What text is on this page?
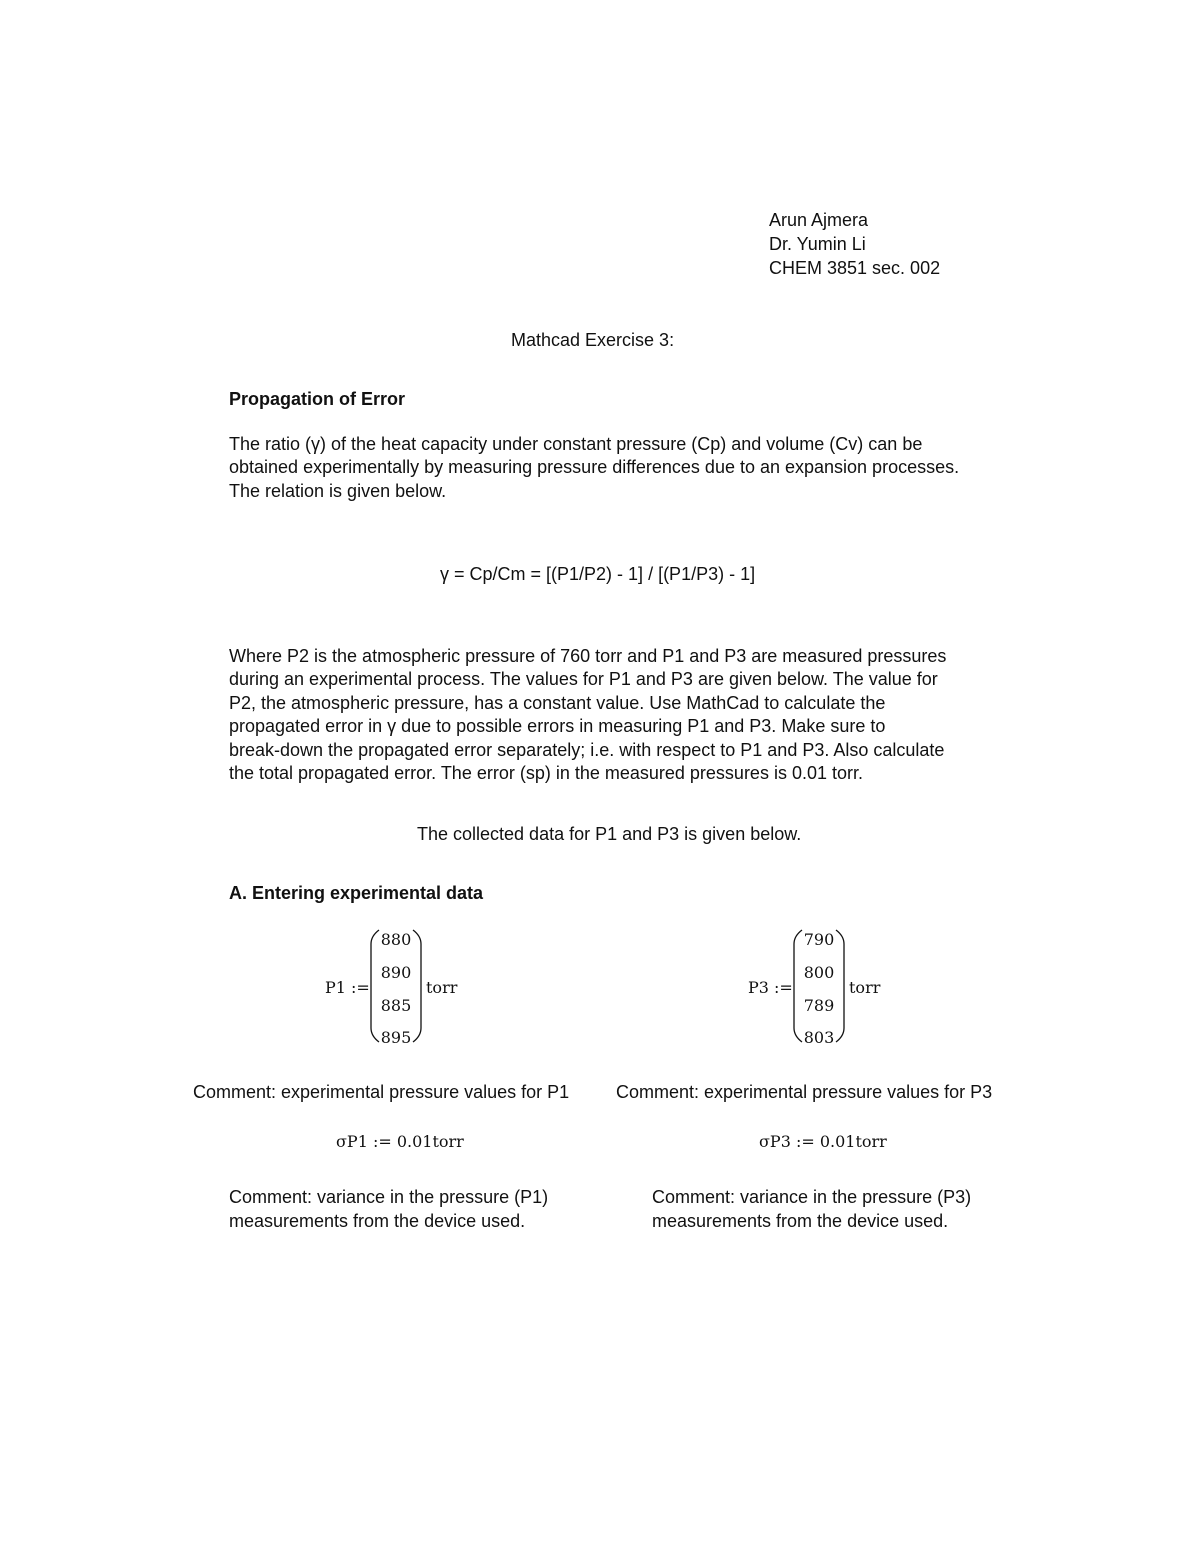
Arun Ajmera
Dr. Yumin Li
CHEM 3851 sec. 002
Mathcad Exercise 3:
Propagation of Error
The ratio (γ) of the heat capacity under constant pressure (Cp) and volume (Cv) can be
obtained experimentally by measuring pressure differences due to an expansion processes.
The relation is given below.
γ = Cp/Cm = [(P1/P2) - 1] / [(P1/P3) - 1]
Where P2 is the atmospheric pressure of 760 torr and P1 and P3 are measured pressures
during an experimental process. The values for P1 and P3 are given below. The value for
P2, the atmospheric pressure, has a constant value. Use MathCad to calculate the
propagated error in γ due to possible errors in measuring P1 and P3. Make sure to
break-down the propagated error separately; i.e. with respect to P1 and P3. Also calculate
the total propagated error. The error (sp) in the measured pressures is 0.01 torr.
The collected data for P1 and P3 is given below.
A. Entering experimental data
P1 :=
880
890
885
895
torr	P3 :=
790
800
789
803
torr
Comment: experimental pressure values for P1	Comment: experimental pressure values for P3
σP1 := 0.01torr	σP3 := 0.01torr
Comment: variance in the pressure (P1)
measurements from the device used.
Comment: variance in the pressure (P3)
measurements from the device used.
